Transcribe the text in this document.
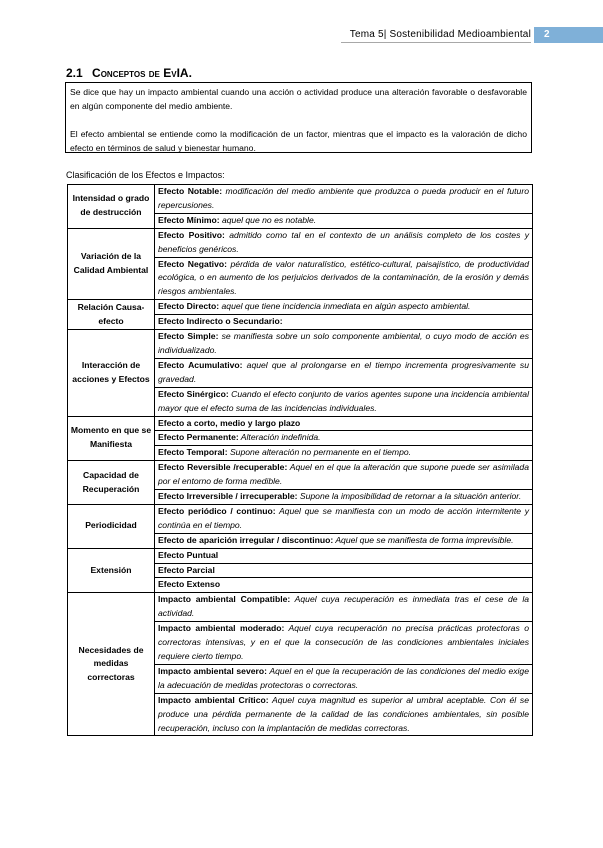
Tema 5| Sostenibilidad Medioambiental 2
2.1 Conceptos de EvIA.

Se dice que hay un impacto ambiental cuando una acción o actividad produce una alteración favorable o desfavorable en algún componente del medio ambiente.

El efecto ambiental se entiende como la modificación de un factor, mientras que el impacto es la valoración de dicho efecto en términos de salud y bienestar humano.

Clasificación de los Efectos e Impactos:
Intensidad o grado de destrucción	Efecto Notable: modificación del medio ambiente que produzca o pueda producir en el futuro repercusiones.
	Efecto Mínimo: aquel que no es notable.
Variación de la Calidad Ambiental	Efecto Positivo: admitido como tal en el contexto de un análisis completo de los costes y beneficios genéricos.
	Efecto Negativo: pérdida de valor naturalístico, estético-cultural, paisajístico, de productividad ecológica, o en aumento de los perjuicios derivados de la contaminación, de la erosión y demás riesgos ambientales.
Relación Causa-efecto	Efecto Directo: aquel que tiene incidencia inmediata en algún aspecto ambiental.
	Efecto Indirecto o Secundario:
Interacción de acciones y Efectos	Efecto Simple: se manifiesta sobre un solo componente ambiental, o cuyo modo de acción es individualizado.
	Efecto Acumulativo: aquel que al prolongarse en el tiempo incrementa progresivamente su gravedad.
	Efecto Sinérgico: Cuando el efecto conjunto de varios agentes supone una incidencia ambiental mayor que el efecto suma de las incidencias individuales.
Momento en que se Manifiesta	Efecto a corto, medio y largo plazo
	Efecto Permanente: Alteración indefinida.
	Efecto Temporal: Supone alteración no permanente en el tiempo.
Capacidad de Recuperación	Efecto Reversible /recuperable: Aquel en el que la alteración que supone puede ser asimilada por el entorno de forma medible.
	Efecto Irreversible / irrecuperable: Supone la imposibilidad de retornar a la situación anterior.
Periodicidad	Efecto periódico / continuo: Aquel que se manifiesta con un modo de acción intermitente y continúa en el tiempo.
	Efecto de aparición irregular / discontinuo: Aquel que se manifiesta de forma imprevisible.
Extensión	Efecto Puntual
	Efecto Parcial
	Efecto Extenso
Necesidades de medidas correctoras	Impacto ambiental Compatible: Aquel cuya recuperación es inmediata tras el cese de la actividad.
	Impacto ambiental moderado: Aquel cuya recuperación no precisa prácticas protectoras o correctoras intensivas, y en el que la consecución de las condiciones ambientales iniciales requiere cierto tiempo.
	Impacto ambiental severo: Aquel en el que la recuperación de las condiciones del medio exige la adecuación de medidas protectoras o correctoras.
	Impacto ambiental Crítico: Aquel cuya magnitud es superior al umbral aceptable. Con él se produce una pérdida permanente de la calidad de las condiciones ambientales, sin posible recuperación, incluso con la implantación de medidas correctoras.
